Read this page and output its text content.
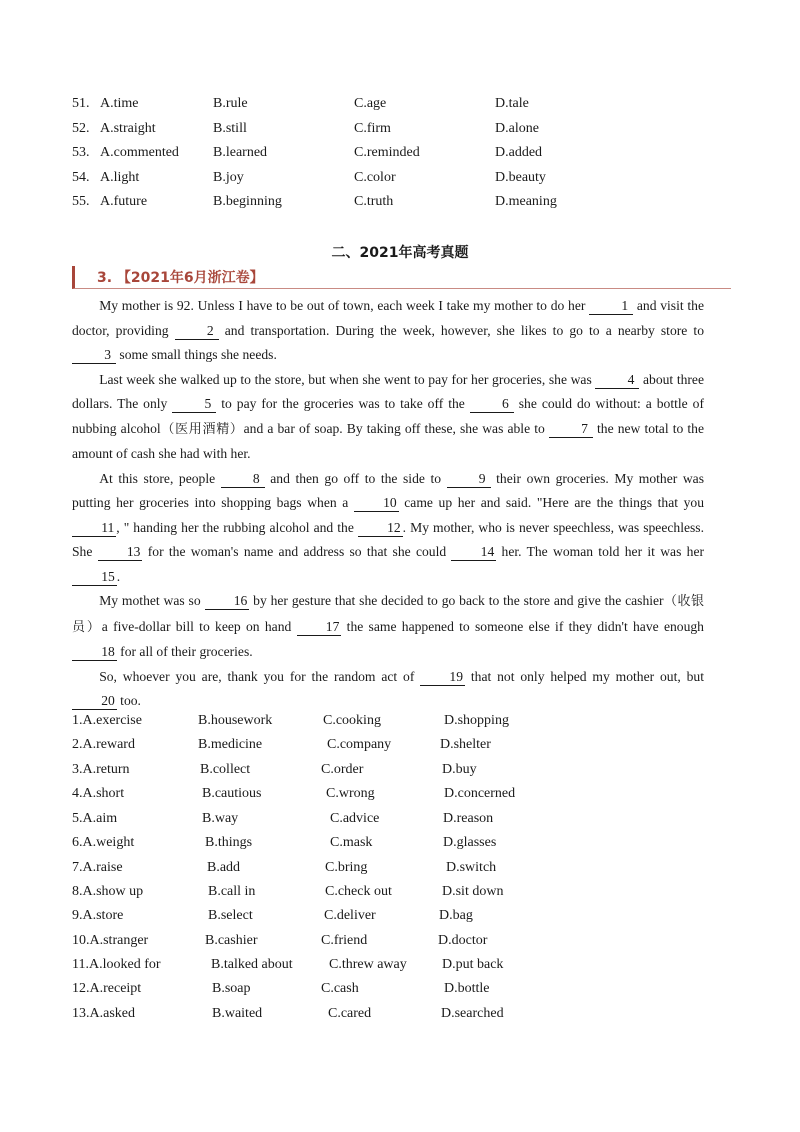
51. A.time	B.rule	C.age	D.tale
52. A.straight	B.still	C.firm	D.alone
53. A.commented B.learned	C.reminded	D.added
54. A.light	B.joy	C.color	D.beauty
55. A.future	B.beginning	C.truth	D.meaning
二、2021年高考真题
3. 【2021年6月浙江卷】

My mother is 92. Unless I have to be out of town, each week I take my mother to do her 1 and visit the doctor, providing 2 and transportation. During the week, however, she likes to go to a nearby store to 3 some small things she needs.

Last week she walked up to the store, but when she went to pay for her groceries, she was 4 about three dollars. The only 5 to pay for the groceries was to take off the 6 she could do without: a bottle of nubbing alcohol（医用酒精）and a bar of soap. By taking off these, she was able to 7 the new total to the amount of cash she had with her.

At this store, people 8 and then go off to the side to 9 their own groceries. My mother was putting her groceries into shopping bags when a 10 came up her and said. "Here are the things that you 11 , " handing her the rubbing alcohol and the 12 . My mother, who is never speechless, was speechless. She 13 for the woman's name and address so that she could 14 her. The woman told her it was her 15 .

My mothet was so 16 by her gesture that she decided to go back to the store and give the cashier（收银员）a five-dollar bill to keep on hand 17 the same happened to someone else if they didn't have enough 18 for all of their groceries.

So, whoever you are, thank you for the random act of 19 that not only helped my mother out, but 20 too.

1.A.exercise	B.housework	C.cooking	D.shopping
2.A.reward	B.medicine	C.company	D.shelter
3.A.return	B.collect	C.order	D.buy
4.A.short	B.cautious	C.wrong	D.concerned
5.A.aim	B.way	C.advice	D.reason
6.A.weight	B.things	C.mask	D.glasses
7.A.raise	B.add	C.bring	D.switch
8.A.show up	B.call in	C.check out	D.sit down
9.A.store	B.select	C.deliver	D.bag
10.A.stranger	B.cashier	C.friend	D.doctor
11.A.looked for	B.talked about	C.threw away	D.put back
12.A.receipt	B.soap	C.cash	D.bottle
13.A.asked	B.waited	C.cared	D.searched
